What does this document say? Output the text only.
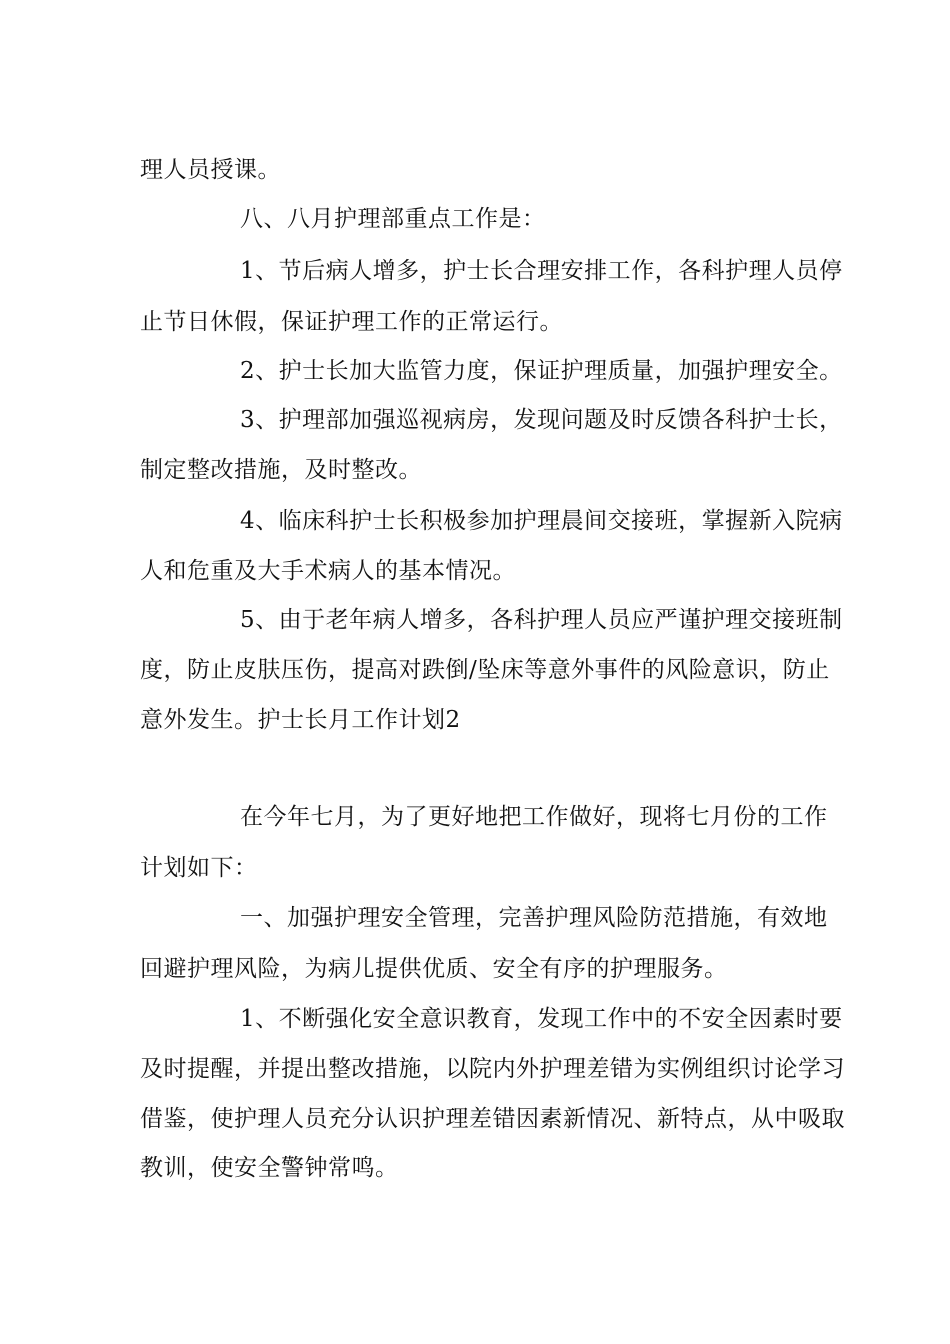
理人员授课。
八、八月护理部重点工作是：
1、节后病人增多，护士长合理安排工作，各科护理人员停
止节日休假，保证护理工作的正常运行。
2、护士长加大监管力度，保证护理质量，加强护理安全。
3、护理部加强巡视病房，发现问题及时反馈各科护士长，
制定整改措施，及时整改。
4、临床科护士长积极参加护理晨间交接班，掌握新入院病
人和危重及大手术病人的基本情况。
5、由于老年病人增多，各科护理人员应严谨护理交接班制
度，防止皮肤压伤，提高对跌倒/坠床等意外事件的风险意识，防止
意外发生。护士长月工作计划2
在今年七月，为了更好地把工作做好，现将七月份的工作
计划如下：
一、加强护理安全管理，完善护理风险防范措施，有效地
回避护理风险，为病儿提供优质、安全有序的护理服务。
1、不断强化安全意识教育，发现工作中的不安全因素时要
及时提醒，并提出整改措施，以院内外护理差错为实例组织讨论学习
借鉴，使护理人员充分认识护理差错因素新情况、新特点，从中吸取
教训，使安全警钟常鸣。
